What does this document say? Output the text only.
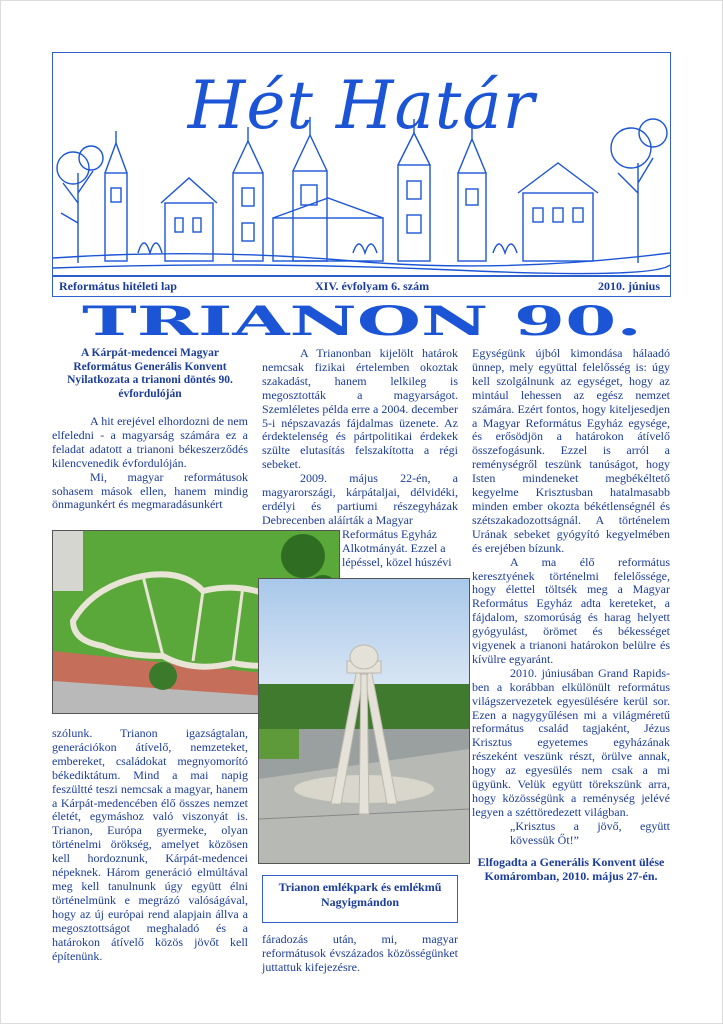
Hét Határ
Református hitéleti lap	XIV. évfolyam 6. szám	2010. június
TRIANON 90.

A Kárpát-medencei Magyar Református Generális Konvent Nyilatkozata a trianoni döntés 90. évfordulóján

A hit erejével elhordozni de nem elfeledni - a magyarság számára ez a feladat adatott a trianoni békeszerződés kilencvenedik évfordulóján.

Mi, magyar reformátusok sohasem mások ellen, hanem mindig önmagunkért és megmaradásunkért

szólunk. Trianon igazságtalan, generációkon átívelő, nemzeteket, embereket, családokat megnyomorító békediktátum. Mind a mai napig feszültté teszi nemcsak a magyar, hanem a Kárpát-medencében élő összes nemzet életét, egymáshoz való viszonyát is. Trianon, Európa gyermeke, olyan történelmi örökség, amelyet közösen kell hordoznunk, Kárpát-medencei népeknek. Három generáció elmúltával meg kell tanulnunk úgy együtt élni történelmünk e megrázó valóságával, hogy az új európai rend alapjain állva a megosztottságot meghaladó és a határokon átívelő közös jövőt kell építenünk.

A Trianonban kijelölt határok nemcsak fizikai értelemben okoztak szakadást, hanem lelkileg is megosztották a magyarságot. Szemléletes példa erre a 2004. december 5-i népszavazás fájdalmas üzenete. Az érdektelenség és pártpolitikai érdekek szülte elutasítás felszakította a régi sebeket.

2009. május 22-én, a magyarországi, kárpátaljai, délvidéki, erdélyi és partiumi részegyházak Debrecenben aláírták a Magyar

Református Egyház

Alkotmányát. Ezzel a

lépéssel, közel húszévi

fáradozás után, mi, magyar reformátusok évszázados közösségünket juttattuk kifejezésre.

Egységünk újból kimondása hálaadó ünnep, mely együttal felelősség is: úgy kell szolgálnunk az egységet, hogy az mintául lehessen az egész nemzet számára. Ezért fontos, hogy kiteljesedjen a Magyar Református Egyház egysége, és erősödjön a határokon átívelő összefogásunk. Ezzel is arról a reménységről teszünk tanúságot, hogy Isten mindeneket megbékéltető kegyelme Krisztusban hatalmasabb minden ember okozta békétlenségnél és szétszakadozottságnál. A történelem Urának sebeket gyógyító kegyelmében és erejében bízunk.

A ma élő református keresztyének történelmi felelőssége, hogy élettel töltsék meg a Magyar Református Egyház adta kereteket, a fájdalom, szomorúság és harag helyett gyógyulást, örömet és békességet vigyenek a trianoni határokon belülre és kívülre egyaránt.

2010. júniusában Grand Rapids-ben a korábban elkülönült református világszervezetek egyesülésére kerül sor. Ezen a nagygyűlésen mi a világméretű református család tagjaként, Jézus Krisztus egyetemes egyházának részeként veszünk részt, örülve annak, hogy az egyesülés nem csak a mi ügyünk. Velük együtt törekszünk arra, hogy közösségünk a reménység jelévé legyen a széttöredezett világban.

„Krisztus a jövő, együtt kövessük Őt!”

Elfogadta a Generális Konvent ülése Komáromban, 2010. május 27-én.

Trianon emlékpark és emlékmű Nagyigmándon
